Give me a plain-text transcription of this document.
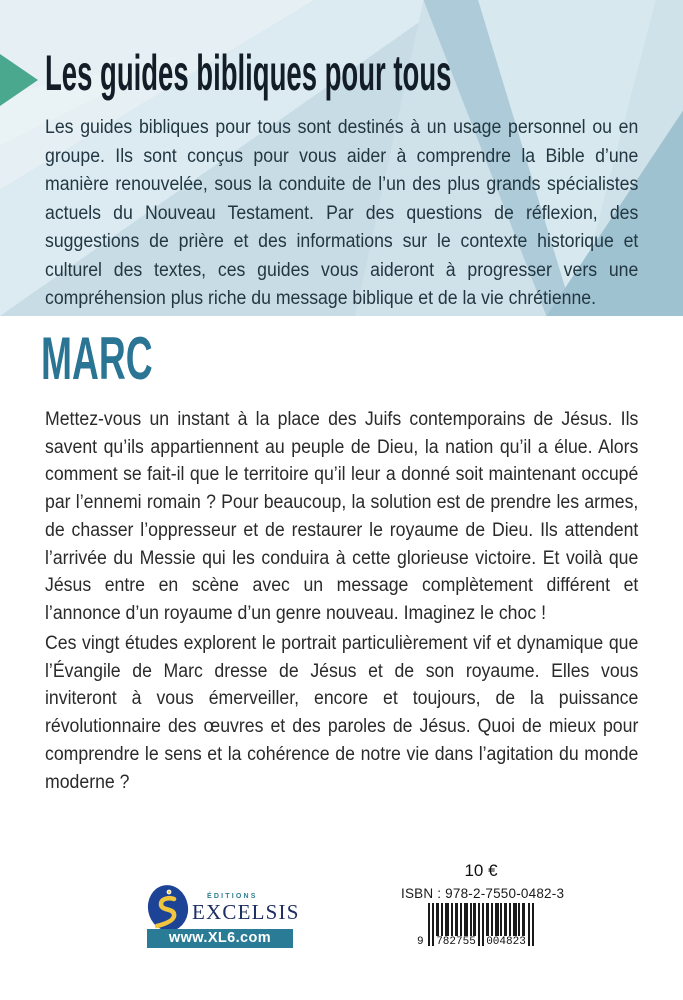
Les guides bibliques pour tous

Les guides bibliques pour tous sont destinés à un usage personnel ou en groupe. Ils sont conçus pour vous aider à comprendre la Bible d’une manière renouvelée, sous la conduite de l’un des plus grands spécialistes actuels du Nouveau Testament. Par des questions de réflexion, des suggestions de prière et des informations sur le contexte historique et culturel des textes, ces guides vous aideront à progresser vers une compréhension plus riche du message biblique et de la vie chrétienne.

MARC

Mettez-vous un instant à la place des Juifs contemporains de Jésus. Ils savent qu’ils appartiennent au peuple de Dieu, la nation qu’il a élue. Alors comment se fait-il que le territoire qu’il leur a donné soit maintenant occupé par l’ennemi romain ? Pour beaucoup, la solution est de prendre les armes, de chasser l’oppresseur et de restaurer le royaume de Dieu. Ils attendent l’arrivée du Messie qui les conduira à cette glorieuse victoire. Et voilà que Jésus entre en scène avec un message complètement différent et l’annonce d’un royaume d’un genre nouveau. Imaginez le choc !

Ces vingt études explorent le portrait particulièrement vif et dynamique que l’Évangile de Marc dresse de Jésus et de son royaume. Elles vous inviteront à vous émerveiller, encore et toujours, de la puissance révolutionnaire des œuvres et des paroles de Jésus. Quoi de mieux pour comprendre le sens et la cohérence de notre vie dans l’agitation du monde moderne ?

ÉDITIONS
EXCELSIS
www.XL6.com

10 €

ISBN : 978-2-7550-0482-3

9 782755 004823
